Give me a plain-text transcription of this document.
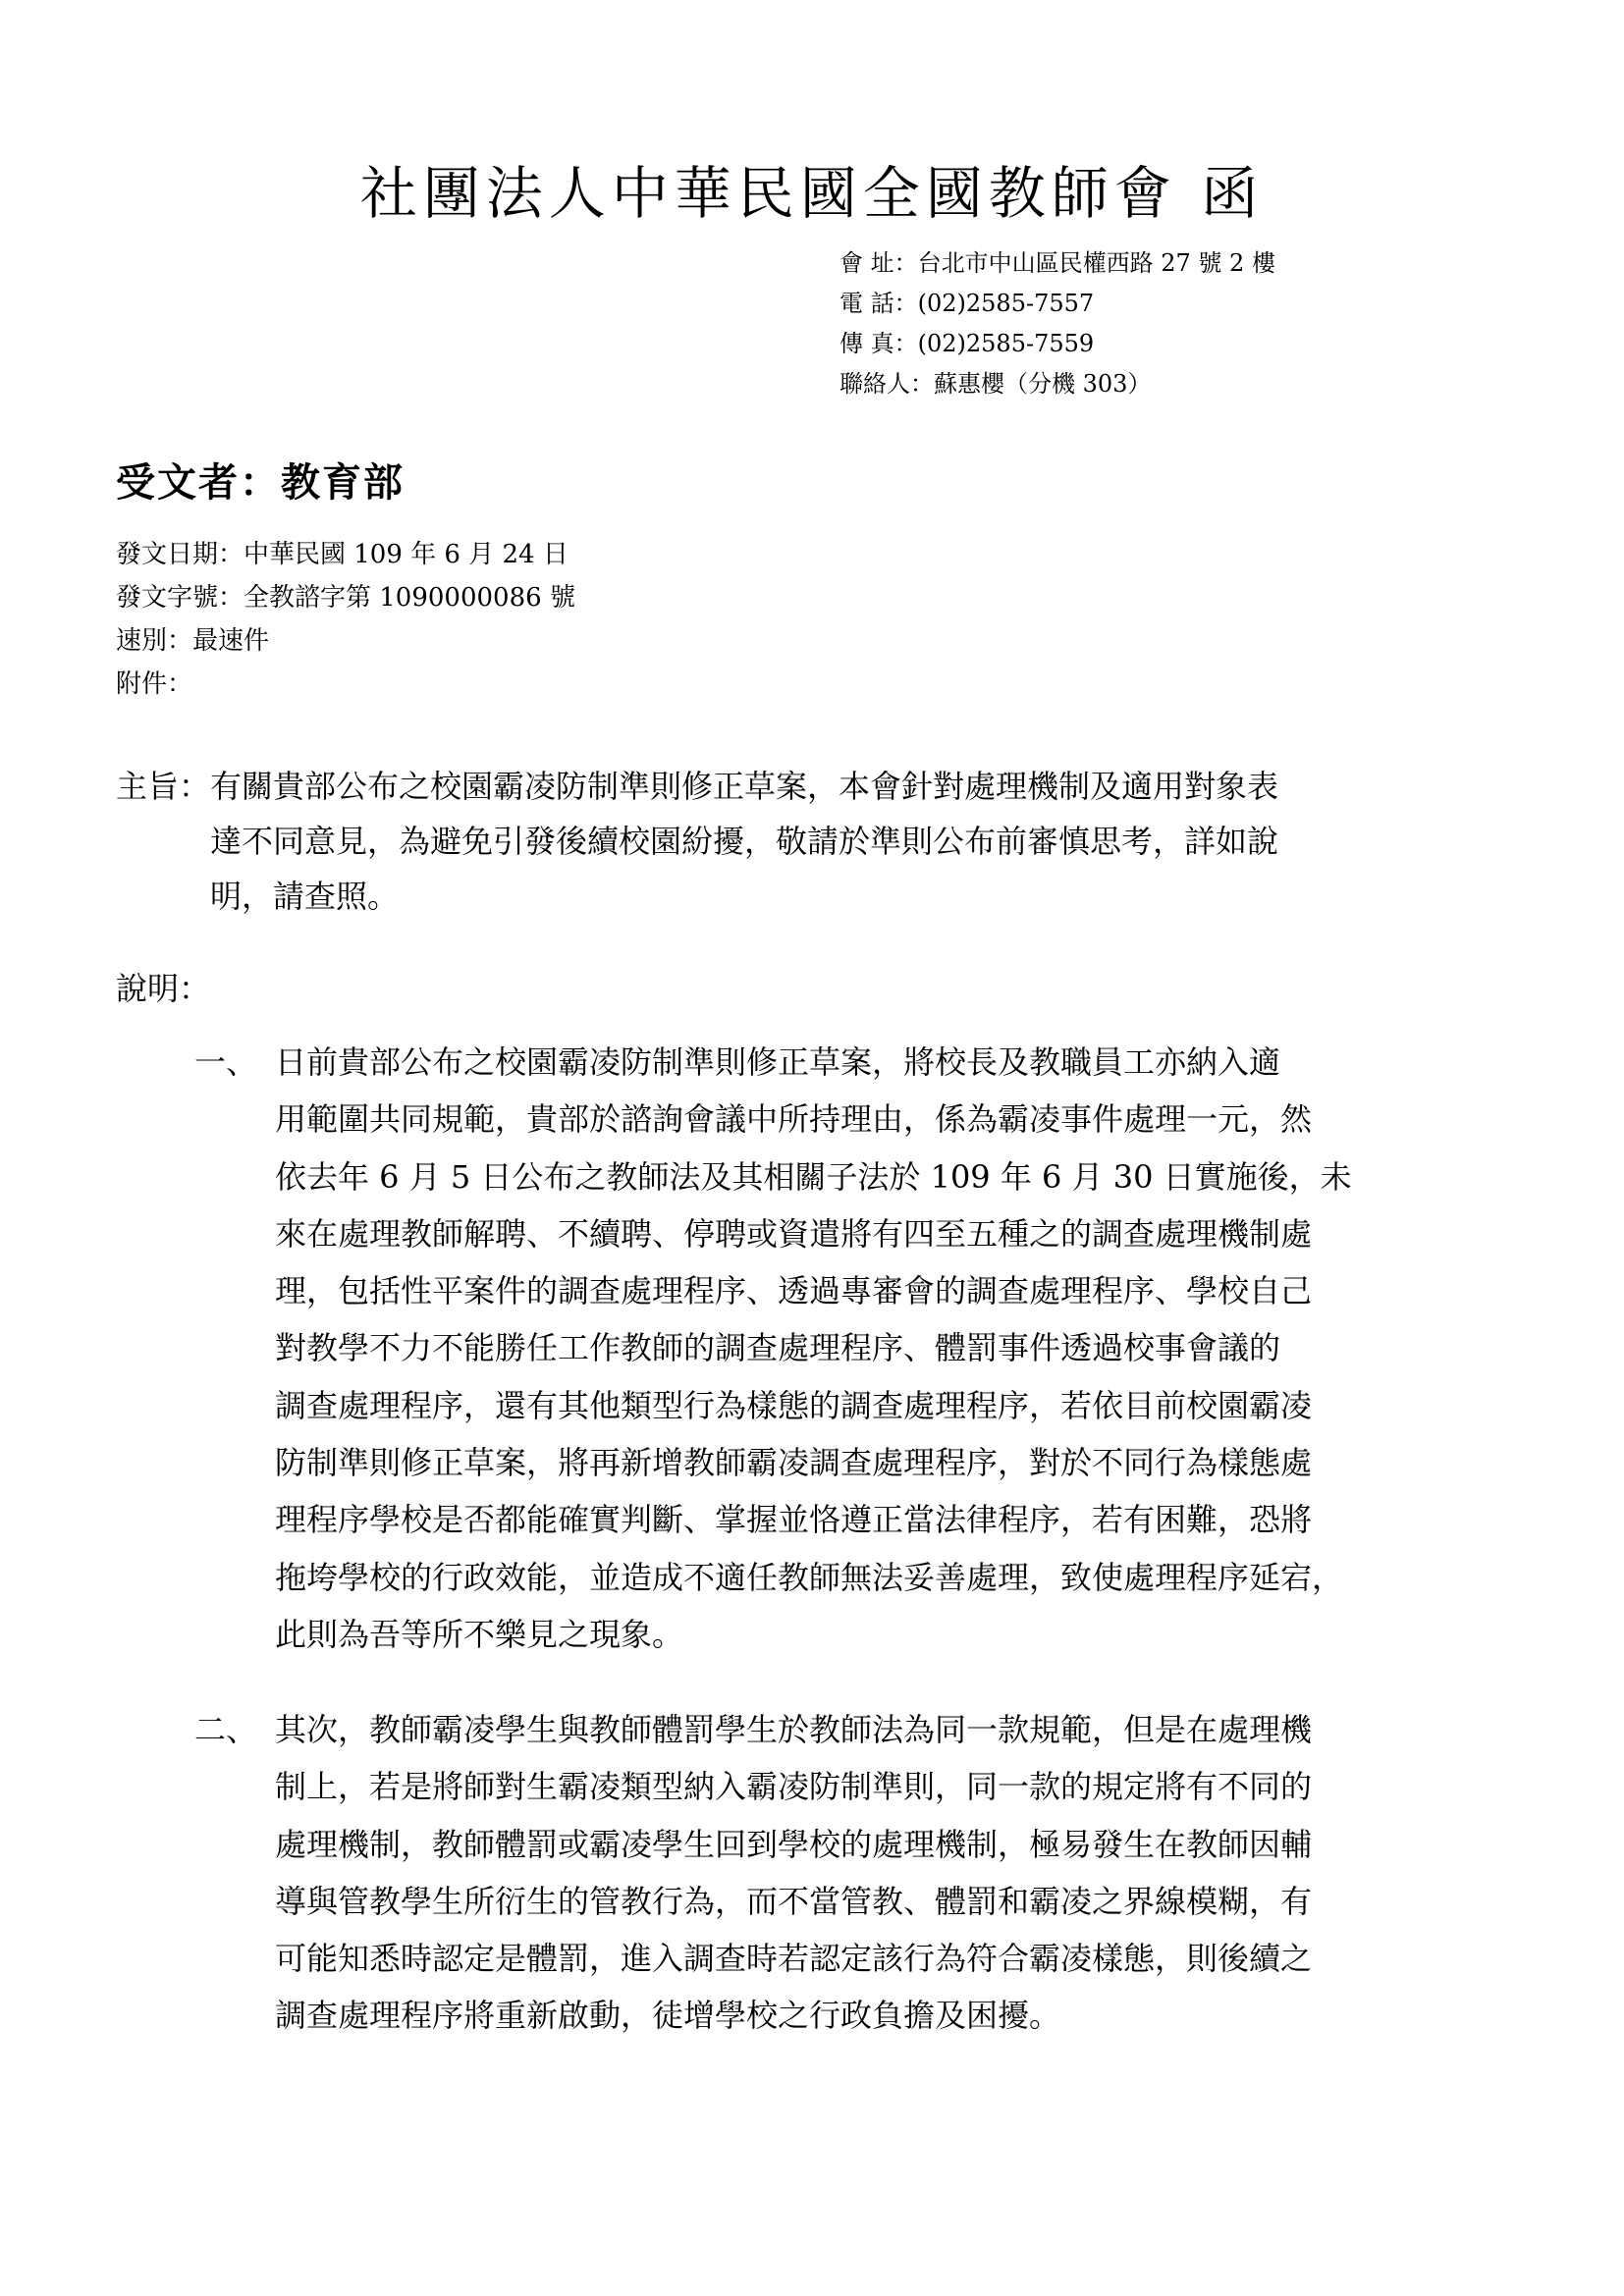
社團法人中華民國全國教師會 函
會 址：台北市中山區民權西路 27 號 2 樓
電 話：(02)2585-7557
傳 真：(02)2585-7559
聯絡人：蘇惠櫻（分機 303）
受文者：教育部
發文日期：中華民國 109 年 6 月 24 日
發文字號：全教諮字第 1090000086 號
速別：最速件
附件：
主旨： 有關貴部公布之校園霸凌防制準則修正草案，本會針對處理機制及適用對象表
達不同意見，為避免引發後續校園紛擾，敬請於準則公布前審慎思考，詳如說
明，請查照。
說明：
一、 日前貴部公布之校園霸凌防制準則修正草案，將校長及教職員工亦納入適
用範圍共同規範，貴部於諮詢會議中所持理由，係為霸凌事件處理一元，然
依去年 6 月 5 日公布之教師法及其相關子法於 109 年 6 月 30 日實施後，未
來在處理教師解聘、不續聘、停聘或資遣將有四至五種之的調查處理機制處
理，包括性平案件的調查處理程序、透過專審會的調查處理程序、學校自己
對教學不力不能勝任工作教師的調查處理程序、體罰事件透過校事會議的
調查處理程序，還有其他類型行為樣態的調查處理程序，若依目前校園霸凌
防制準則修正草案，將再新增教師霸凌調查處理程序，對於不同行為樣態處
理程序學校是否都能確實判斷、掌握並恪遵正當法律程序，若有困難，恐將
拖垮學校的行政效能，並造成不適任教師無法妥善處理，致使處理程序延宕，
此則為吾等所不樂見之現象。
二、 其次，教師霸凌學生與教師體罰學生於教師法為同一款規範，但是在處理機
制上，若是將師對生霸凌類型納入霸凌防制準則，同一款的規定將有不同的
處理機制，教師體罰或霸凌學生回到學校的處理機制，極易發生在教師因輔
導與管教學生所衍生的管教行為，而不當管教、體罰和霸凌之界線模糊，有
可能知悉時認定是體罰，進入調查時若認定該行為符合霸凌樣態，則後續之
調查處理程序將重新啟動，徒增學校之行政負擔及困擾。
